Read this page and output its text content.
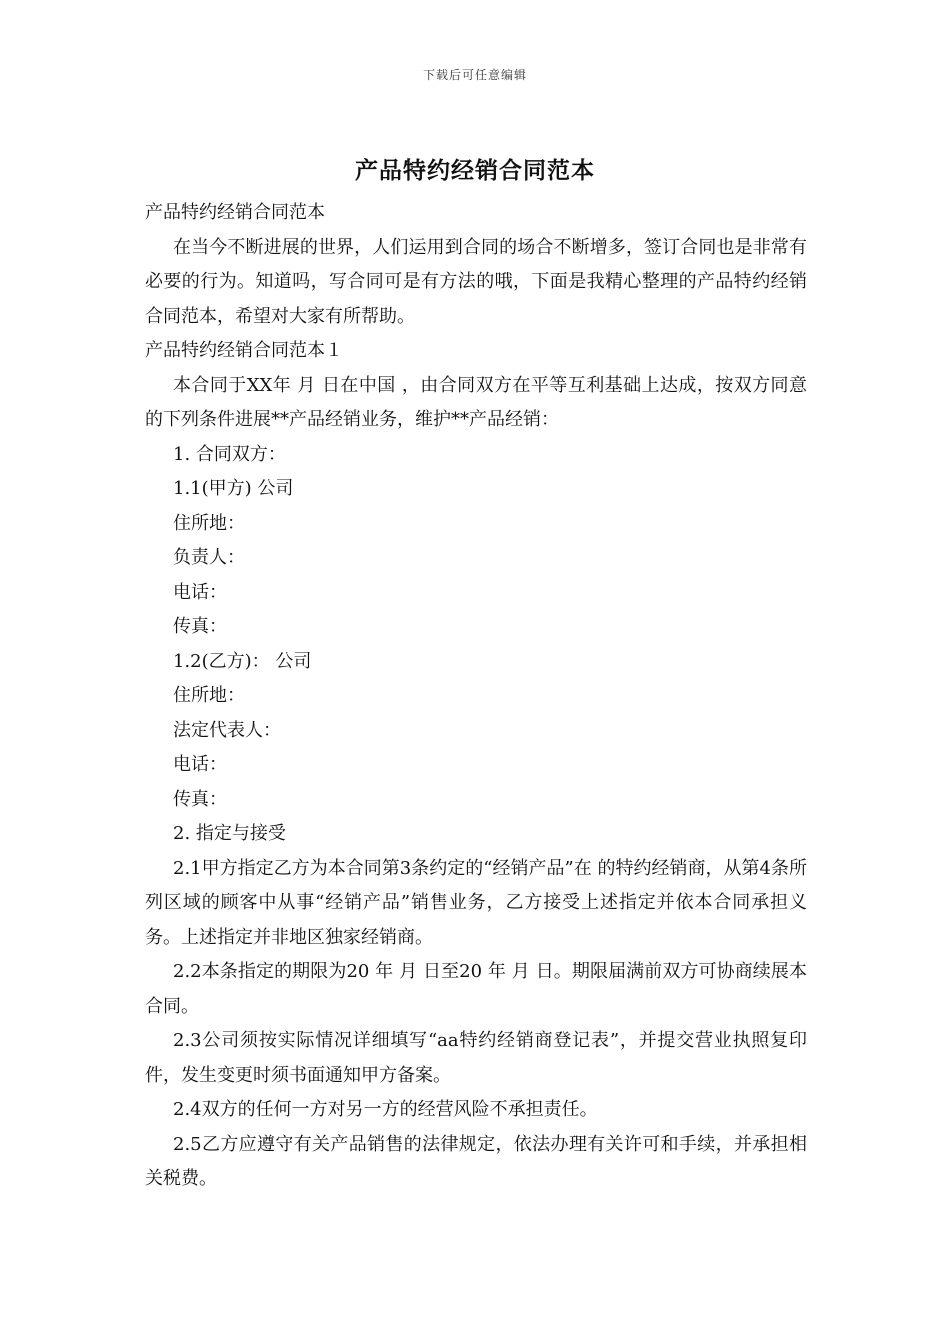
下载后可任意编辑
产品特约经销合同范本

产品特约经销合同范本

在当今不断进展的世界，人们运用到合同的场合不断增多，签订合同也是非常有必要的行为。知道吗，写合同可是有方法的哦，下面是我精心整理的产品特约经销合同范本，希望对大家有所帮助。

产品特约经销合同范本１

本合同于XX年 月 日在中国 ，由合同双方在平等互利基础上达成，按双方同意的下列条件进展**产品经销业务，维护**产品经销：

1. 合同双方：

1.1(甲方) 公司

住所地：

负责人：

电话：

传真：

1.2(乙方)： 公司

住所地：

法定代表人：

电话：

传真：

2. 指定与接受

2.1甲方指定乙方为本合同第3条约定的“经销产品”在 的特约经销商，从第4条所列区域的顾客中从事“经销产品”销售业务，乙方接受上述指定并依本合同承担义务。上述指定并非地区独家经销商。

2.2本条指定的期限为20 年 月 日至20 年 月 日。期限届满前双方可协商续展本合同。

2.3公司须按实际情况详细填写“aa特约经销商登记表”，并提交营业执照复印件，发生变更时须书面通知甲方备案。

2.4双方的任何一方对另一方的经营风险不承担责任。

2.5乙方应遵守有关产品销售的法律规定，依法办理有关许可和手续，并承担相关税费。
